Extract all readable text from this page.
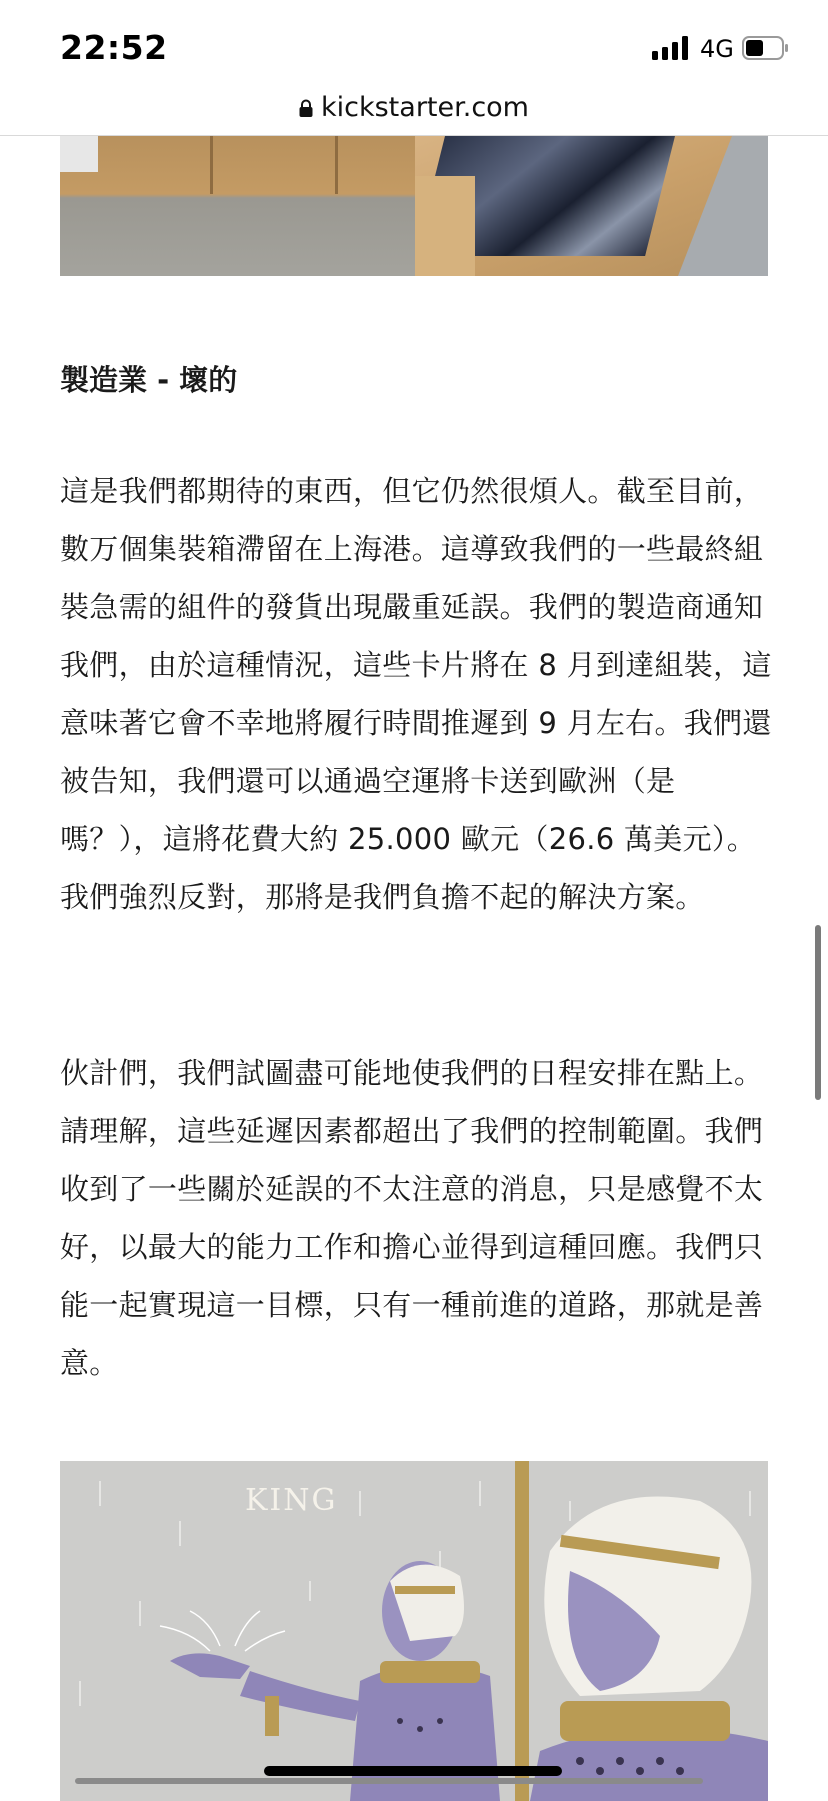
22:52	4G
kickstarter.com
製造業 - 壞的

這是我們都期待的東西，但它仍然很煩人。截至目前，數万個集裝箱滯留在上海港。這導致我們的一些最終組裝急需的組件的發貨出現嚴重延誤。我們的製造商通知我們，由於這種情況，這些卡片將在 8 月到達組裝，這意味著它會不幸地將履行時間推遲到 9 月左右。我們還被告知，我們還可以通過空運將卡送到歐洲（是嗎？），這將花費大約 25.000 歐元（26.6 萬美元）。我們強烈反對，那將是我們負擔不起的解決方案。

伙計們，我們試圖盡可能地使我們的日程安排在點上。請理解，這些延遲因素都超出了我們的控制範圍。我們收到了一些關於延誤的不太注意的消息，只是感覺不太好，以最大的能力工作和擔心並得到這種回應。我們只能一起實現這一目標，只有一種前進的道路，那就是善意。

KING
